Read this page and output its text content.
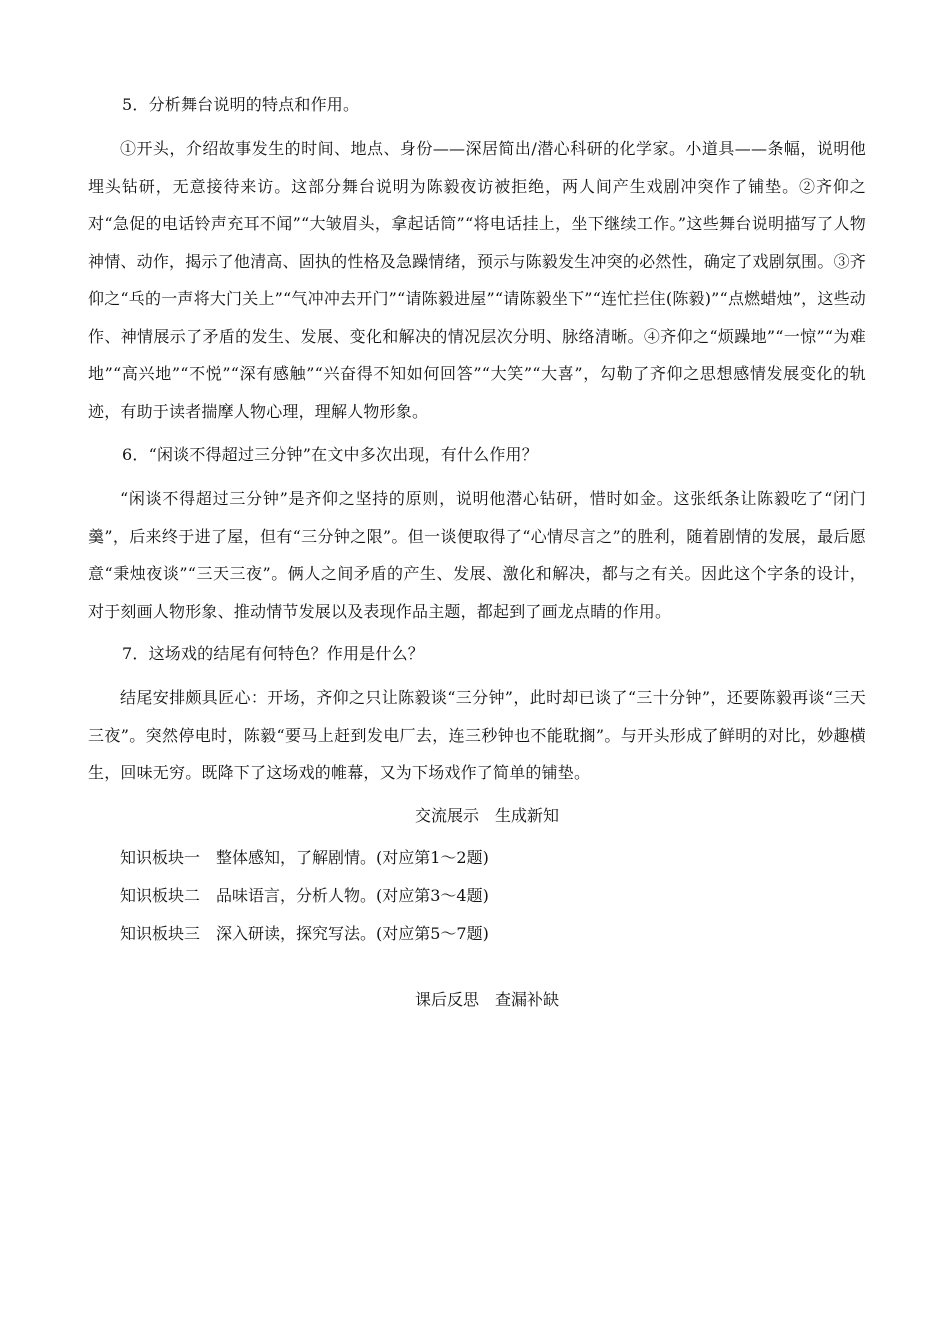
5．分析舞台说明的特点和作用。
①开头，介绍故事发生的时间、地点、身份——深居简出/潜心科研的化学家。小道具——条幅，说明他埋头钻研，无意接待来访。这部分舞台说明为陈毅夜访被拒绝，两人间产生戏剧冲突作了铺垫。②齐仰之对“急促的电话铃声充耳不闻”“大皱眉头，拿起话筒”“将电话挂上，坐下继续工作。”这些舞台说明描写了人物神情、动作，揭示了他清高、固执的性格及急躁情绪，预示与陈毅发生冲突的必然性，确定了戏剧氛围。③齐仰之“乓的一声将大门关上”“气冲冲去开门”“请陈毅进屋”“请陈毅坐下”“连忙拦住(陈毅)”“点燃蜡烛”，这些动作、神情展示了矛盾的发生、发展、变化和解决的情况层次分明、脉络清晰。④齐仰之“烦躁地”“一惊”“为难地”“高兴地”“不悦”“深有感触”“兴奋得不知如何回答”“大笑”“大喜”，勾勒了齐仰之思想感情发展变化的轨迹，有助于读者揣摩人物心理，理解人物形象。
6．“闲谈不得超过三分钟”在文中多次出现，有什么作用？
“闲谈不得超过三分钟”是齐仰之坚持的原则，说明他潜心钻研，惜时如金。这张纸条让陈毅吃了“闭门羹”，后来终于进了屋，但有“三分钟之限”。但一谈便取得了“心情尽言之”的胜利，随着剧情的发展，最后愿意“秉烛夜谈”“三天三夜”。俩人之间矛盾的产生、发展、激化和解决，都与之有关。因此这个字条的设计，对于刻画人物形象、推动情节发展以及表现作品主题，都起到了画龙点睛的作用。
7．这场戏的结尾有何特色？作用是什么？
结尾安排颇具匠心：开场，齐仰之只让陈毅谈“三分钟”，此时却已谈了“三十分钟”，还要陈毅再谈“三天三夜”。突然停电时，陈毅“要马上赶到发电厂去，连三秒钟也不能耽搁”。与开头形成了鲜明的对比，妙趣横生，回味无穷。既降下了这场戏的帷幕，又为下场戏作了简单的铺垫。
交流展示　生成新知
知识板块一　整体感知，了解剧情。(对应第1～2题)
知识板块二　品味语言，分析人物。(对应第3～4题)
知识板块三　深入研读，探究写法。(对应第5～7题)
课后反思　查漏补缺
